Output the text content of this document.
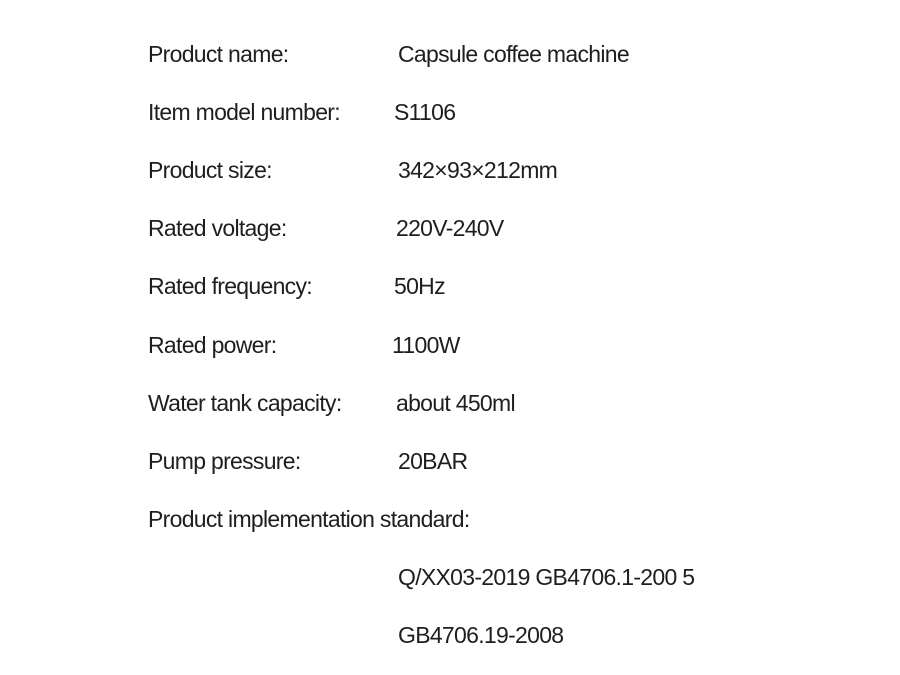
Product name:	Capsule coffee machine
Item model number: S1106
Product size:	342×93×212mm
Rated voltage:	220V-240V
Rated frequency:	50Hz
Rated power:	1100W
Water tank capacity: about 450ml
Pump pressure:	20BAR
Product implementation standard:
Q/XX03-2019 GB4706.1-200 5
GB4706.19-2008
